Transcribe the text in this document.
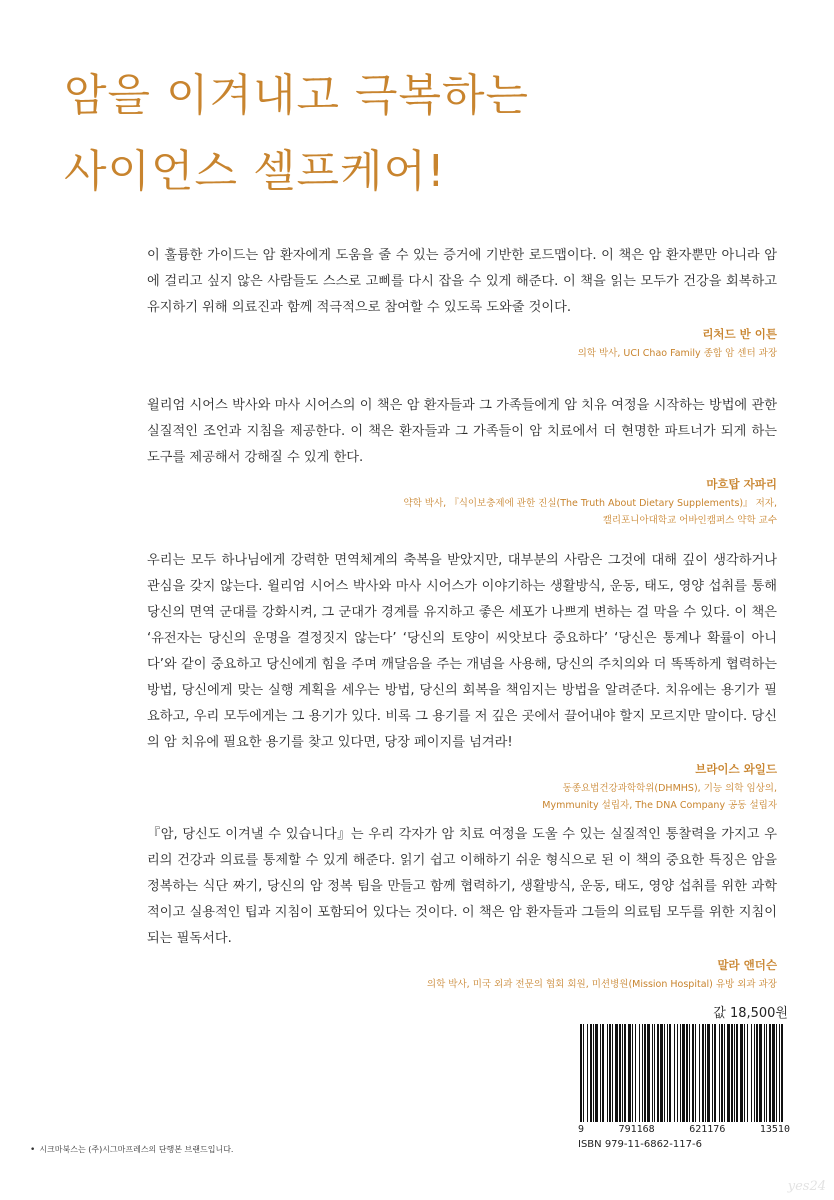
암을 이겨내고 극복하는
사이언스 셀프케어!

이 훌륭한 가이드는 암 환자에게 도움을 줄 수 있는 증거에 기반한 로드맵이다. 이 책은 암 환자뿐만 아니라 암에 걸리고 싶지 않은 사람들도 스스로 고삐를 다시 잡을 수 있게 해준다. 이 책을 읽는 모두가 건강을 회복하고 유지하기 위해 의료진과 함께 적극적으로 참여할 수 있도록 도와줄 것이다.

리처드 반 이튼
의학 박사, UCI Chao Family 종합 암 센터 과장

윌리엄 시어스 박사와 마사 시어스의 이 책은 암 환자들과 그 가족들에게 암 치유 여정을 시작하는 방법에 관한 실질적인 조언과 지침을 제공한다. 이 책은 환자들과 그 가족들이 암 치료에서 더 현명한 파트너가 되게 하는 도구를 제공해서 강해질 수 있게 한다.

마흐탑 자파리
약학 박사, 『식이보충제에 관한 진실(The Truth About Dietary Supplements)』 저자,
캘리포니아대학교 어바인캠퍼스 약학 교수

우리는 모두 하나님에게 강력한 면역체계의 축복을 받았지만, 대부분의 사람은 그것에 대해 깊이 생각하거나 관심을 갖지 않는다. 윌리엄 시어스 박사와 마사 시어스가 이야기하는 생활방식, 운동, 태도, 영양 섭취를 통해 당신의 면역 군대를 강화시켜, 그 군대가 경계를 유지하고 좋은 세포가 나쁘게 변하는 걸 막을 수 있다. 이 책은 ‘유전자는 당신의 운명을 결정짓지 않는다’ ‘당신의 토양이 씨앗보다 중요하다’ ‘당신은 통계나 확률이 아니다’와 같이 중요하고 당신에게 힘을 주며 깨달음을 주는 개념을 사용해, 당신의 주치의와 더 똑똑하게 협력하는 방법, 당신에게 맞는 실행 계획을 세우는 방법, 당신의 회복을 책임지는 방법을 알려준다. 치유에는 용기가 필요하고, 우리 모두에게는 그 용기가 있다. 비록 그 용기를 저 깊은 곳에서 끌어내야 할지 모르지만 말이다. 당신의 암 치유에 필요한 용기를 찾고 있다면, 당장 페이지를 넘겨라!

브라이스 와일드
동종요법건강과학학위(DHMHS), 기능 의학 임상의,
Mymmunity 설립자, The DNA Company 공동 설립자

『암, 당신도 이겨낼 수 있습니다』는 우리 각자가 암 치료 여정을 도울 수 있는 실질적인 통찰력을 가지고 우리의 건강과 의료를 통제할 수 있게 해준다. 읽기 쉽고 이해하기 쉬운 형식으로 된 이 책의 중요한 특징은 암을 정복하는 식단 짜기, 당신의 암 정복 팀을 만들고 함께 협력하기, 생활방식, 운동, 태도, 영양 섭취를 위한 과학적이고 실용적인 팁과 지침이 포함되어 있다는 것이다. 이 책은 암 환자들과 그들의 의료팀 모두를 위한 지침이 되는 필독서다.

말라 앤더슨
의학 박사, 미국 외과 전문의 협회 회원, 미션병원(Mission Hospital) 유방 외과 과장
값 18,500원
9	791168	621176	13510
ISBN 979-11-6862-117-6
• 시크마북스는 (주)시그마프레스의 단행본 브랜드입니다.
yes24
